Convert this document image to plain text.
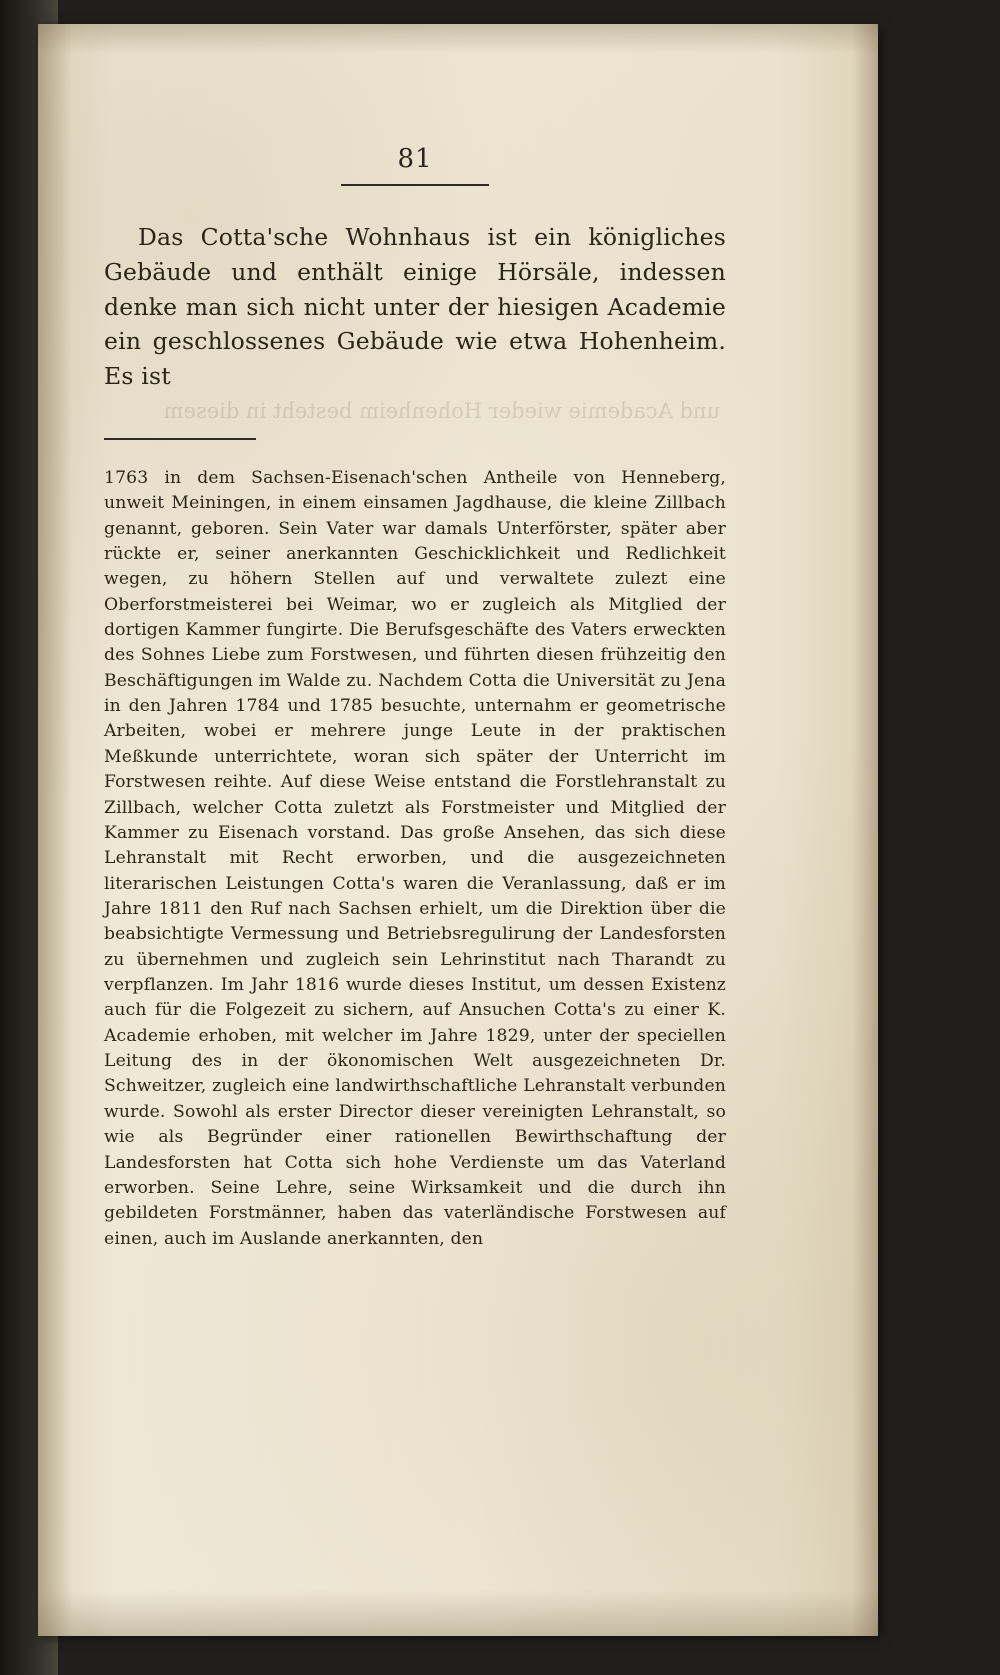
und Academie wieder Hohenheim besteht in diesem
81

Das Cotta'sche Wohnhaus ist ein königliches Gebäude und enthält einige Hörsäle, indessen denke man sich nicht unter der hiesigen Academie ein geschlossenes Gebäude wie etwa Hohenheim. Es ist

1763 in dem Sachsen-Eisenach'schen Antheile von Henneberg, unweit Meiningen, in einem einsamen Jagdhause, die kleine Zillbach genannt, geboren. Sein Vater war damals Unterförster, später aber rückte er, seiner anerkannten Geschicklichkeit und Redlichkeit wegen, zu höhern Stellen auf und verwaltete zulezt eine Oberforstmeisterei bei Weimar, wo er zugleich als Mitglied der dortigen Kammer fungirte. Die Berufsgeschäfte des Vaters erweckten des Sohnes Liebe zum Forstwesen, und führten diesen frühzeitig den Beschäftigungen im Walde zu. Nachdem Cotta die Universität zu Jena in den Jahren 1784 und 1785 besuchte, unternahm er geometrische Arbeiten, wobei er mehrere junge Leute in der praktischen Meßkunde unterrichtete, woran sich später der Unterricht im Forstwesen reihte. Auf diese Weise entstand die Forstlehranstalt zu Zillbach, welcher Cotta zuletzt als Forstmeister und Mitglied der Kammer zu Eisenach vorstand. Das große Ansehen, das sich diese Lehranstalt mit Recht erworben, und die ausgezeichneten literarischen Leistungen Cotta's waren die Veranlassung, daß er im Jahre 1811 den Ruf nach Sachsen erhielt, um die Direktion über die beabsichtigte Vermessung und Betriebsregulirung der Landesforsten zu übernehmen und zugleich sein Lehrinstitut nach Tharandt zu verpflanzen. Im Jahr 1816 wurde dieses Institut, um dessen Existenz auch für die Folgezeit zu sichern, auf Ansuchen Cotta's zu einer K. Academie erhoben, mit welcher im Jahre 1829, unter der speciellen Leitung des in der ökonomischen Welt ausgezeichneten Dr. Schweitzer, zugleich eine landwirthschaftliche Lehranstalt verbunden wurde. Sowohl als erster Director dieser vereinigten Lehranstalt, so wie als Begründer einer rationellen Bewirthschaftung der Landesforsten hat Cotta sich hohe Verdienste um das Vaterland erworben. Seine Lehre, seine Wirksamkeit und die durch ihn gebildeten Forstmänner, haben das vaterländische Forstwesen auf einen, auch im Auslande anerkannten, den
